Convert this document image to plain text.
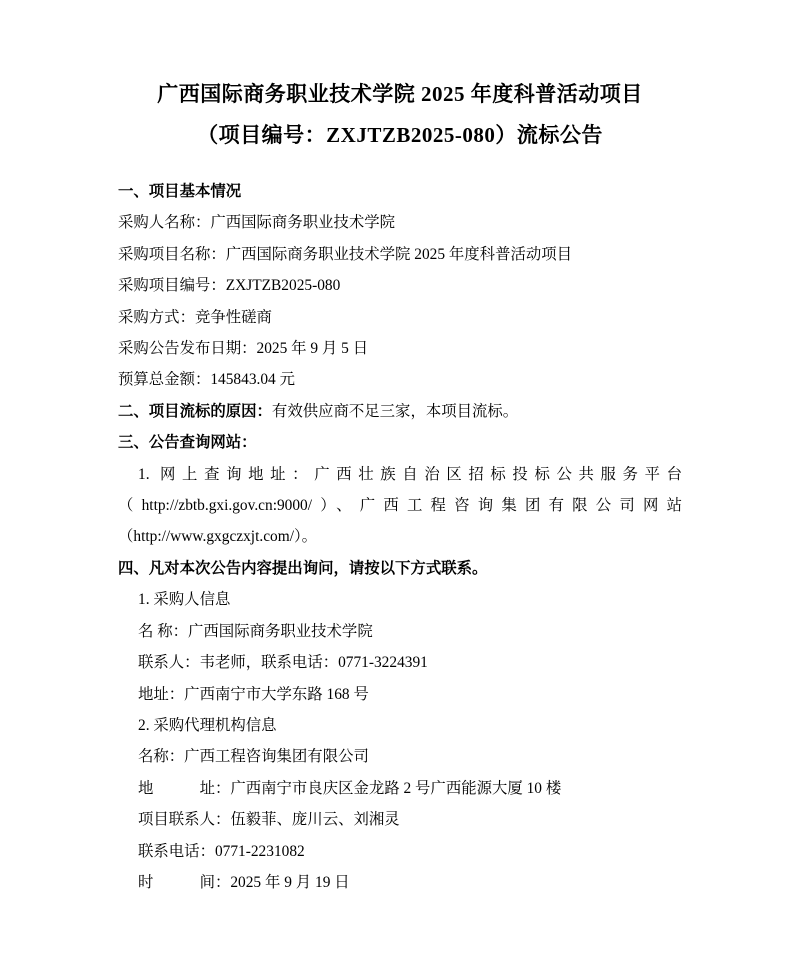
广西国际商务职业技术学院 2025 年度科普活动项目
（项目编号：ZXJTZB2025-080）流标公告
一、项目基本情况
采购人名称：广西国际商务职业技术学院
采购项目名称：广西国际商务职业技术学院 2025 年度科普活动项目
采购项目编号：ZXJTZB2025-080
采购方式：竞争性磋商
采购公告发布日期：2025 年 9 月 5 日
预算总金额：145843.04 元
二、项目流标的原因：有效供应商不足三家，本项目流标。
三、公告查询网站：
1. 网上查询地址：广西壮族自治区招标投标公共服务平台
（http://zbtb.gxi.gov.cn:9000/）、广西工程咨询集团有限公司网站
（http://www.gxgczxjt.com/）。
四、凡对本次公告内容提出询问，请按以下方式联系。
1. 采购人信息
名 称：广西国际商务职业技术学院
联系人：韦老师，联系电话：0771-3224391
地址：广西南宁市大学东路 168 号
2. 采购代理机构信息
名称：广西工程咨询集团有限公司
地　　　址：广西南宁市良庆区金龙路 2 号广西能源大厦 10 楼
项目联系人：伍毅菲、庞川云、刘湘灵
联系电话：0771-2231082
时　　　间：2025 年 9 月 19 日
